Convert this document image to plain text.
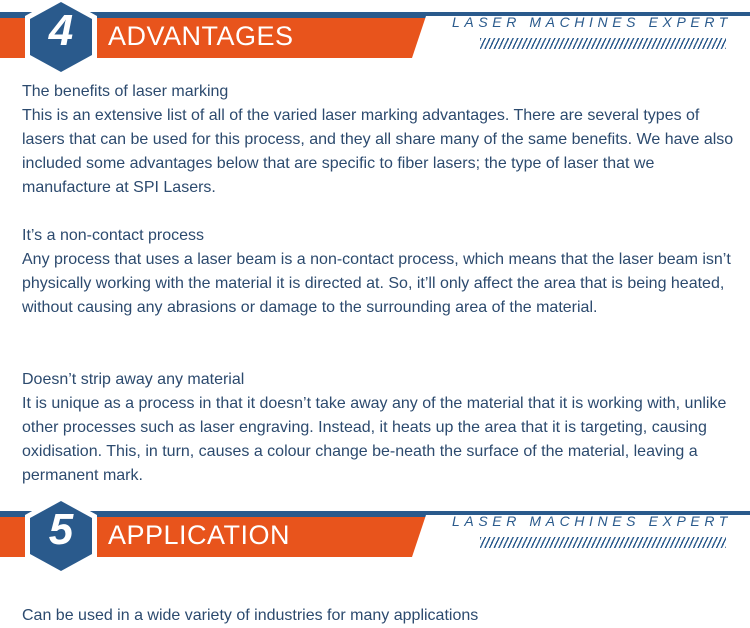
LASER MACHINES EXPERT
4	ADVANTAGES

The benefits of laser marking

This is an extensive list of all of the varied laser marking advantages. There are several types of lasers that can be used for this process, and they all share many of the same benefits. We have also included some advantages below that are specific to fiber lasers; the type of laser that we manufacture at SPI Lasers.

It’s a non-contact process

Any process that uses a laser beam is a non-contact process, which means that the laser beam isn’t physically working with the material it is directed at. So, it’ll only affect the area that is being heated, without causing any abrasions or damage to the surrounding area of the material.

Doesn’t strip away any material

It is unique as a process in that it doesn’t take away any of the material that it is working with, unlike other processes such as laser engraving. Instead, it heats up the area that it is targeting, causing oxidisation. This, in turn, causes a colour change be-neath the surface of the material, leaving a permanent mark.

LASER MACHINES EXPERT
5	APPLICATION

Can be used in a wide variety of industries for many applications
